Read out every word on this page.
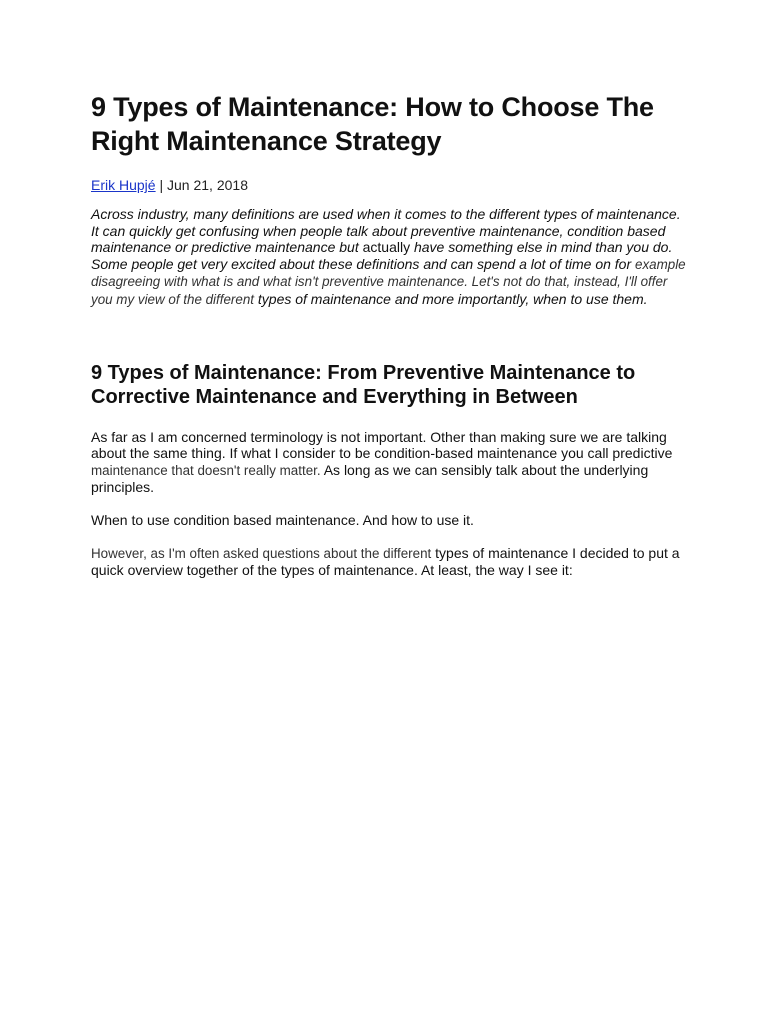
9 Types of Maintenance: How to Choose The Right Maintenance Strategy
Erik Hupjé | Jun 21, 2018
Across industry, many definitions are used when it comes to the different types of maintenance. It can quickly get confusing when people talk about preventive maintenance, condition based maintenance or predictive maintenance but actually have something else in mind than you do. Some people get very excited about these definitions and can spend a lot of time on for example disagreeing with what is and what isn't preventive maintenance. Let's not do that, instead, I'll offer you my view of the different types of maintenance and more importantly, when to use them.
9 Types of Maintenance: From Preventive Maintenance to Corrective Maintenance and Everything in Between

As far as I am concerned terminology is not important. Other than making sure we are talking about the same thing. If what I consider to be condition-based maintenance you call predictive maintenance that doesn't really matter. As long as we can sensibly talk about the underlying principles.

When to use condition based maintenance. And how to use it.

However, as I'm often asked questions about the different types of maintenance I decided to put a quick overview together of the types of maintenance. At least, the way I see it:
